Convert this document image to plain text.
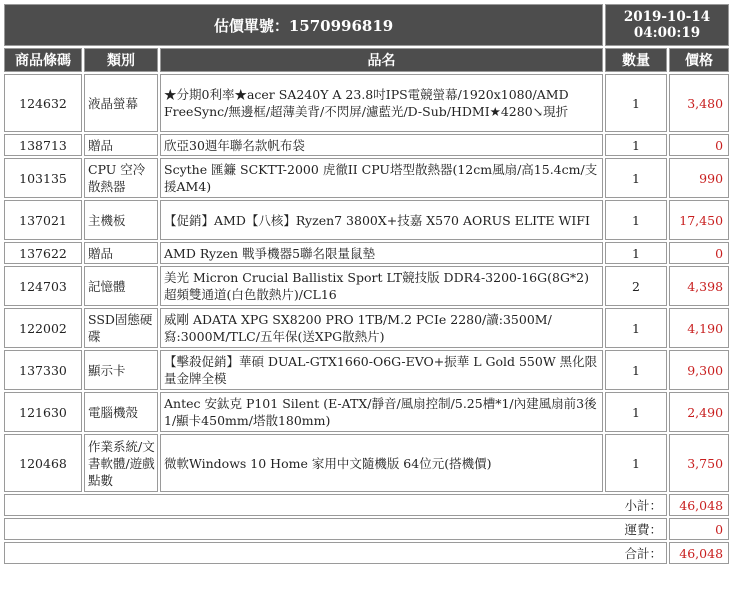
估價單號：1570996819			2019-10-14
04:00:19	

商品條碼	類別	品名	數量	價格
124632	液晶螢幕	★分期0利率★acer SA240Y A 23.8吋IPS電競螢幕/1920x1080/AMD FreeSync/無邊框/超薄美背/不閃屏/濾藍光/D-Sub/HDMI★4280↘現折	1	3,480
138713	贈品	欣亞30週年聯名款帆布袋	1	0
103135	CPU 空冷散熱器	Scythe 匯鐮 SCKTT-2000 虎徹II CPU塔型散熱器(12cm風扇/高15.4cm/支援AM4)	1	990
137021	主機板	【促銷】AMD【八核】Ryzen7 3800X+技嘉 X570 AORUS ELITE WIFI	1	17,450
137622	贈品	AMD Ryzen 戰爭機器5聯名限量鼠墊	1	0
124703	記憶體	美光 Micron Crucial Ballistix Sport LT競技版 DDR4-3200-16G(8G*2) 超頻雙通道(白色散熱片)/CL16	2	4,398
122002	SSD固態硬碟	威剛 ADATA XPG SX8200 PRO 1TB/M.2 PCIe 2280/讀:3500M/寫:3000M/TLC/五年保(送XPG散熱片)	1	4,190
137330	顯示卡	【擊殺促銷】華碩 DUAL-GTX1660-O6G-EVO+振華 L Gold 550W 黑化限量金牌全模	1	9,300
121630	電腦機殼	Antec 安鈦克 P101 Silent (E-ATX/靜音/風扇控制/5.25槽*1/內建風扇前3後1/顯卡450mm/塔散180mm)	1	2,490
120468	作業系統/文書軟體/遊戲點數	微軟Windows 10 Home 家用中文隨機版 64位元(搭機價)	1	3,750
小計：				46,048
運費：				0
合計：				46,048
